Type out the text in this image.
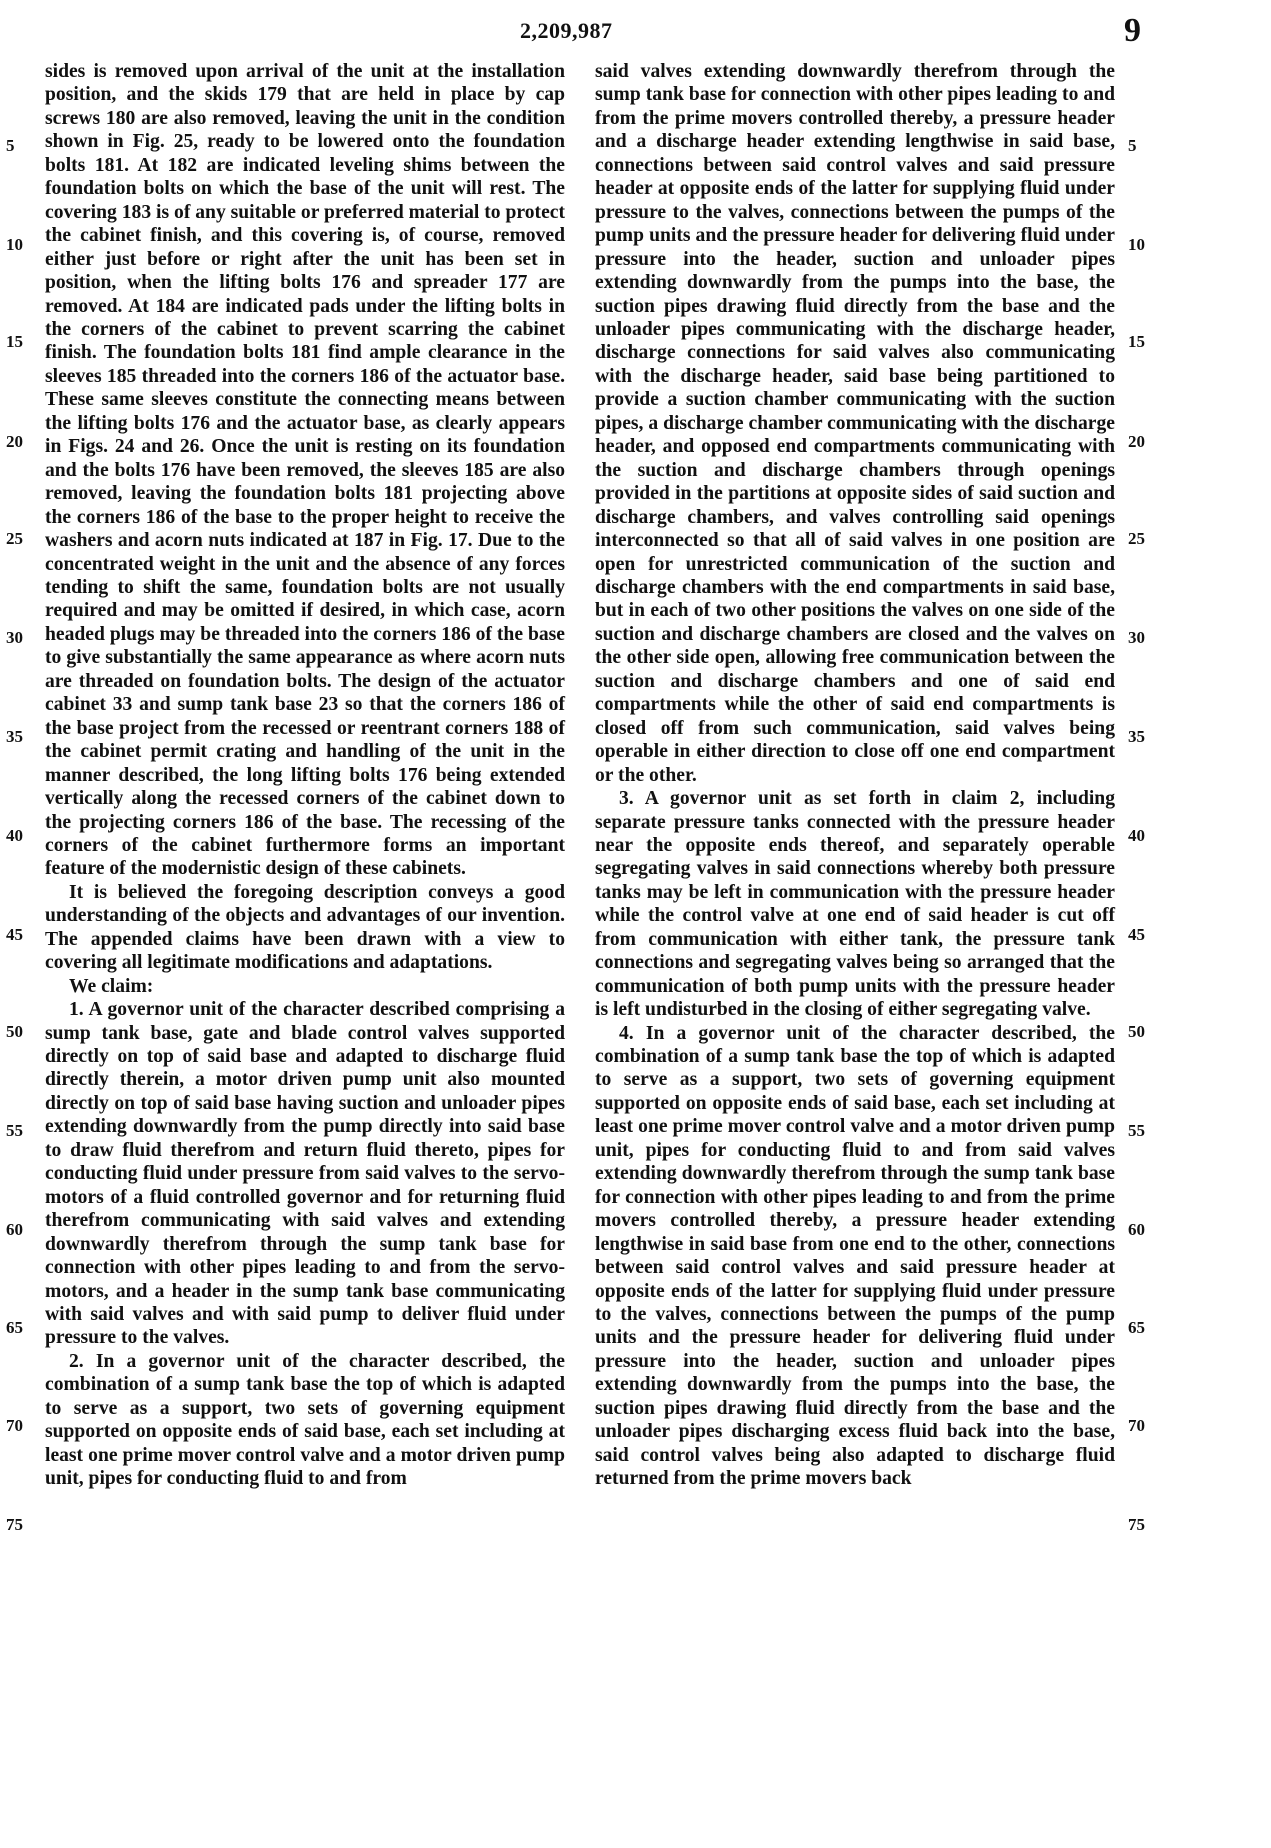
2,209,987	9

sides is removed upon arrival of the unit at the installation position, and the skids 179 that are held in place by cap screws 180 are also removed, leaving the unit in the condition shown in Fig. 25, ready to be lowered onto the foundation bolts 181. At 182 are indicated leveling shims between the foundation bolts on which the base of the unit will rest. The covering 183 is of any suitable or preferred material to protect the cabinet finish, and this covering is, of course, removed either just before or right after the unit has been set in position, when the lifting bolts 176 and spreader 177 are removed. At 184 are indicated pads under the lifting bolts in the corners of the cabinet to prevent scarring the cabinet finish. The foundation bolts 181 find ample clearance in the sleeves 185 threaded into the corners 186 of the actuator base. These same sleeves constitute the connecting means between the lifting bolts 176 and the actuator base, as clearly appears in Figs. 24 and 26. Once the unit is resting on its foundation and the bolts 176 have been removed, the sleeves 185 are also removed, leaving the foundation bolts 181 projecting above the corners 186 of the base to the proper height to receive the washers and acorn nuts indicated at 187 in Fig. 17. Due to the concentrated weight in the unit and the absence of any forces tending to shift the same, foundation bolts are not usually required and may be omitted if desired, in which case, acorn headed plugs may be threaded into the corners 186 of the base to give substantially the same appearance as where acorn nuts are threaded on foundation bolts. The design of the actuator cabinet 33 and sump tank base 23 so that the corners 186 of the base project from the recessed or reentrant corners 188 of the cabinet permit crating and handling of the unit in the manner described, the long lifting bolts 176 being extended vertically along the recessed corners of the cabinet down to the projecting corners 186 of the base. The recessing of the corners of the cabinet furthermore forms an important feature of the modernistic design of these cabinets.

It is believed the foregoing description conveys a good understanding of the objects and advantages of our invention. The appended claims have been drawn with a view to covering all legitimate modifications and adaptations.

We claim:

1. A governor unit of the character described comprising a sump tank base, gate and blade control valves supported directly on top of said base and adapted to discharge fluid directly therein, a motor driven pump unit also mounted directly on top of said base having suction and unloader pipes extending downwardly from the pump directly into said base to draw fluid therefrom and return fluid thereto, pipes for conducting fluid under pressure from said valves to the servo-motors of a fluid controlled governor and for returning fluid therefrom communicating with said valves and extending downwardly therefrom through the sump tank base for connection with other pipes leading to and from the servo-motors, and a header in the sump tank base communicating with said valves and with said pump to deliver fluid under pressure to the valves.

2. In a governor unit of the character described, the combination of a sump tank base the top of which is adapted to serve as a support, two sets of governing equipment supported on opposite ends of said base, each set including at least one prime mover control valve and a motor driven pump unit, pipes for conducting fluid to and from

said valves extending downwardly therefrom through the sump tank base for connection with other pipes leading to and from the prime movers controlled thereby, a pressure header and a discharge header extending lengthwise in said base, connections between said control valves and said pressure header at opposite ends of the latter for supplying fluid under pressure to the valves, connections between the pumps of the pump units and the pressure header for delivering fluid under pressure into the header, suction and unloader pipes extending downwardly from the pumps into the base, the suction pipes drawing fluid directly from the base and the unloader pipes communicating with the discharge header, discharge connections for said valves also communicating with the discharge header, said base being partitioned to provide a suction chamber communicating with the suction pipes, a discharge chamber communicating with the discharge header, and opposed end compartments communicating with the suction and discharge chambers through openings provided in the partitions at opposite sides of said suction and discharge chambers, and valves controlling said openings interconnected so that all of said valves in one position are open for unrestricted communication of the suction and discharge chambers with the end compartments in said base, but in each of two other positions the valves on one side of the suction and discharge chambers are closed and the valves on the other side open, allowing free communication between the suction and discharge chambers and one of said end compartments while the other of said end compartments is closed off from such communication, said valves being operable in either direction to close off one end compartment or the other.

3. A governor unit as set forth in claim 2, including separate pressure tanks connected with the pressure header near the opposite ends thereof, and separately operable segregating valves in said connections whereby both pressure tanks may be left in communication with the pressure header while the control valve at one end of said header is cut off from communication with either tank, the pressure tank connections and segregating valves being so arranged that the communication of both pump units with the pressure header is left undisturbed in the closing of either segregating valve.

4. In a governor unit of the character described, the combination of a sump tank base the top of which is adapted to serve as a support, two sets of governing equipment supported on opposite ends of said base, each set including at least one prime mover control valve and a motor driven pump unit, pipes for conducting fluid to and from said valves extending downwardly therefrom through the sump tank base for connection with other pipes leading to and from the prime movers controlled thereby, a pressure header extending lengthwise in said base from one end to the other, connections between said control valves and said pressure header at opposite ends of the latter for supplying fluid under pressure to the valves, connections between the pumps of the pump units and the pressure header for delivering fluid under pressure into the header, suction and unloader pipes extending downwardly from the pumps into the base, the suction pipes drawing fluid directly from the base and the unloader pipes discharging excess fluid back into the base, said control valves being also adapted to discharge fluid returned from the prime movers back

5
10
15
20
25
30
35
40
45
50
55
60
65
70
75
5
10
15
20
25
30
35
40
45
50
55
60
65
70
75
